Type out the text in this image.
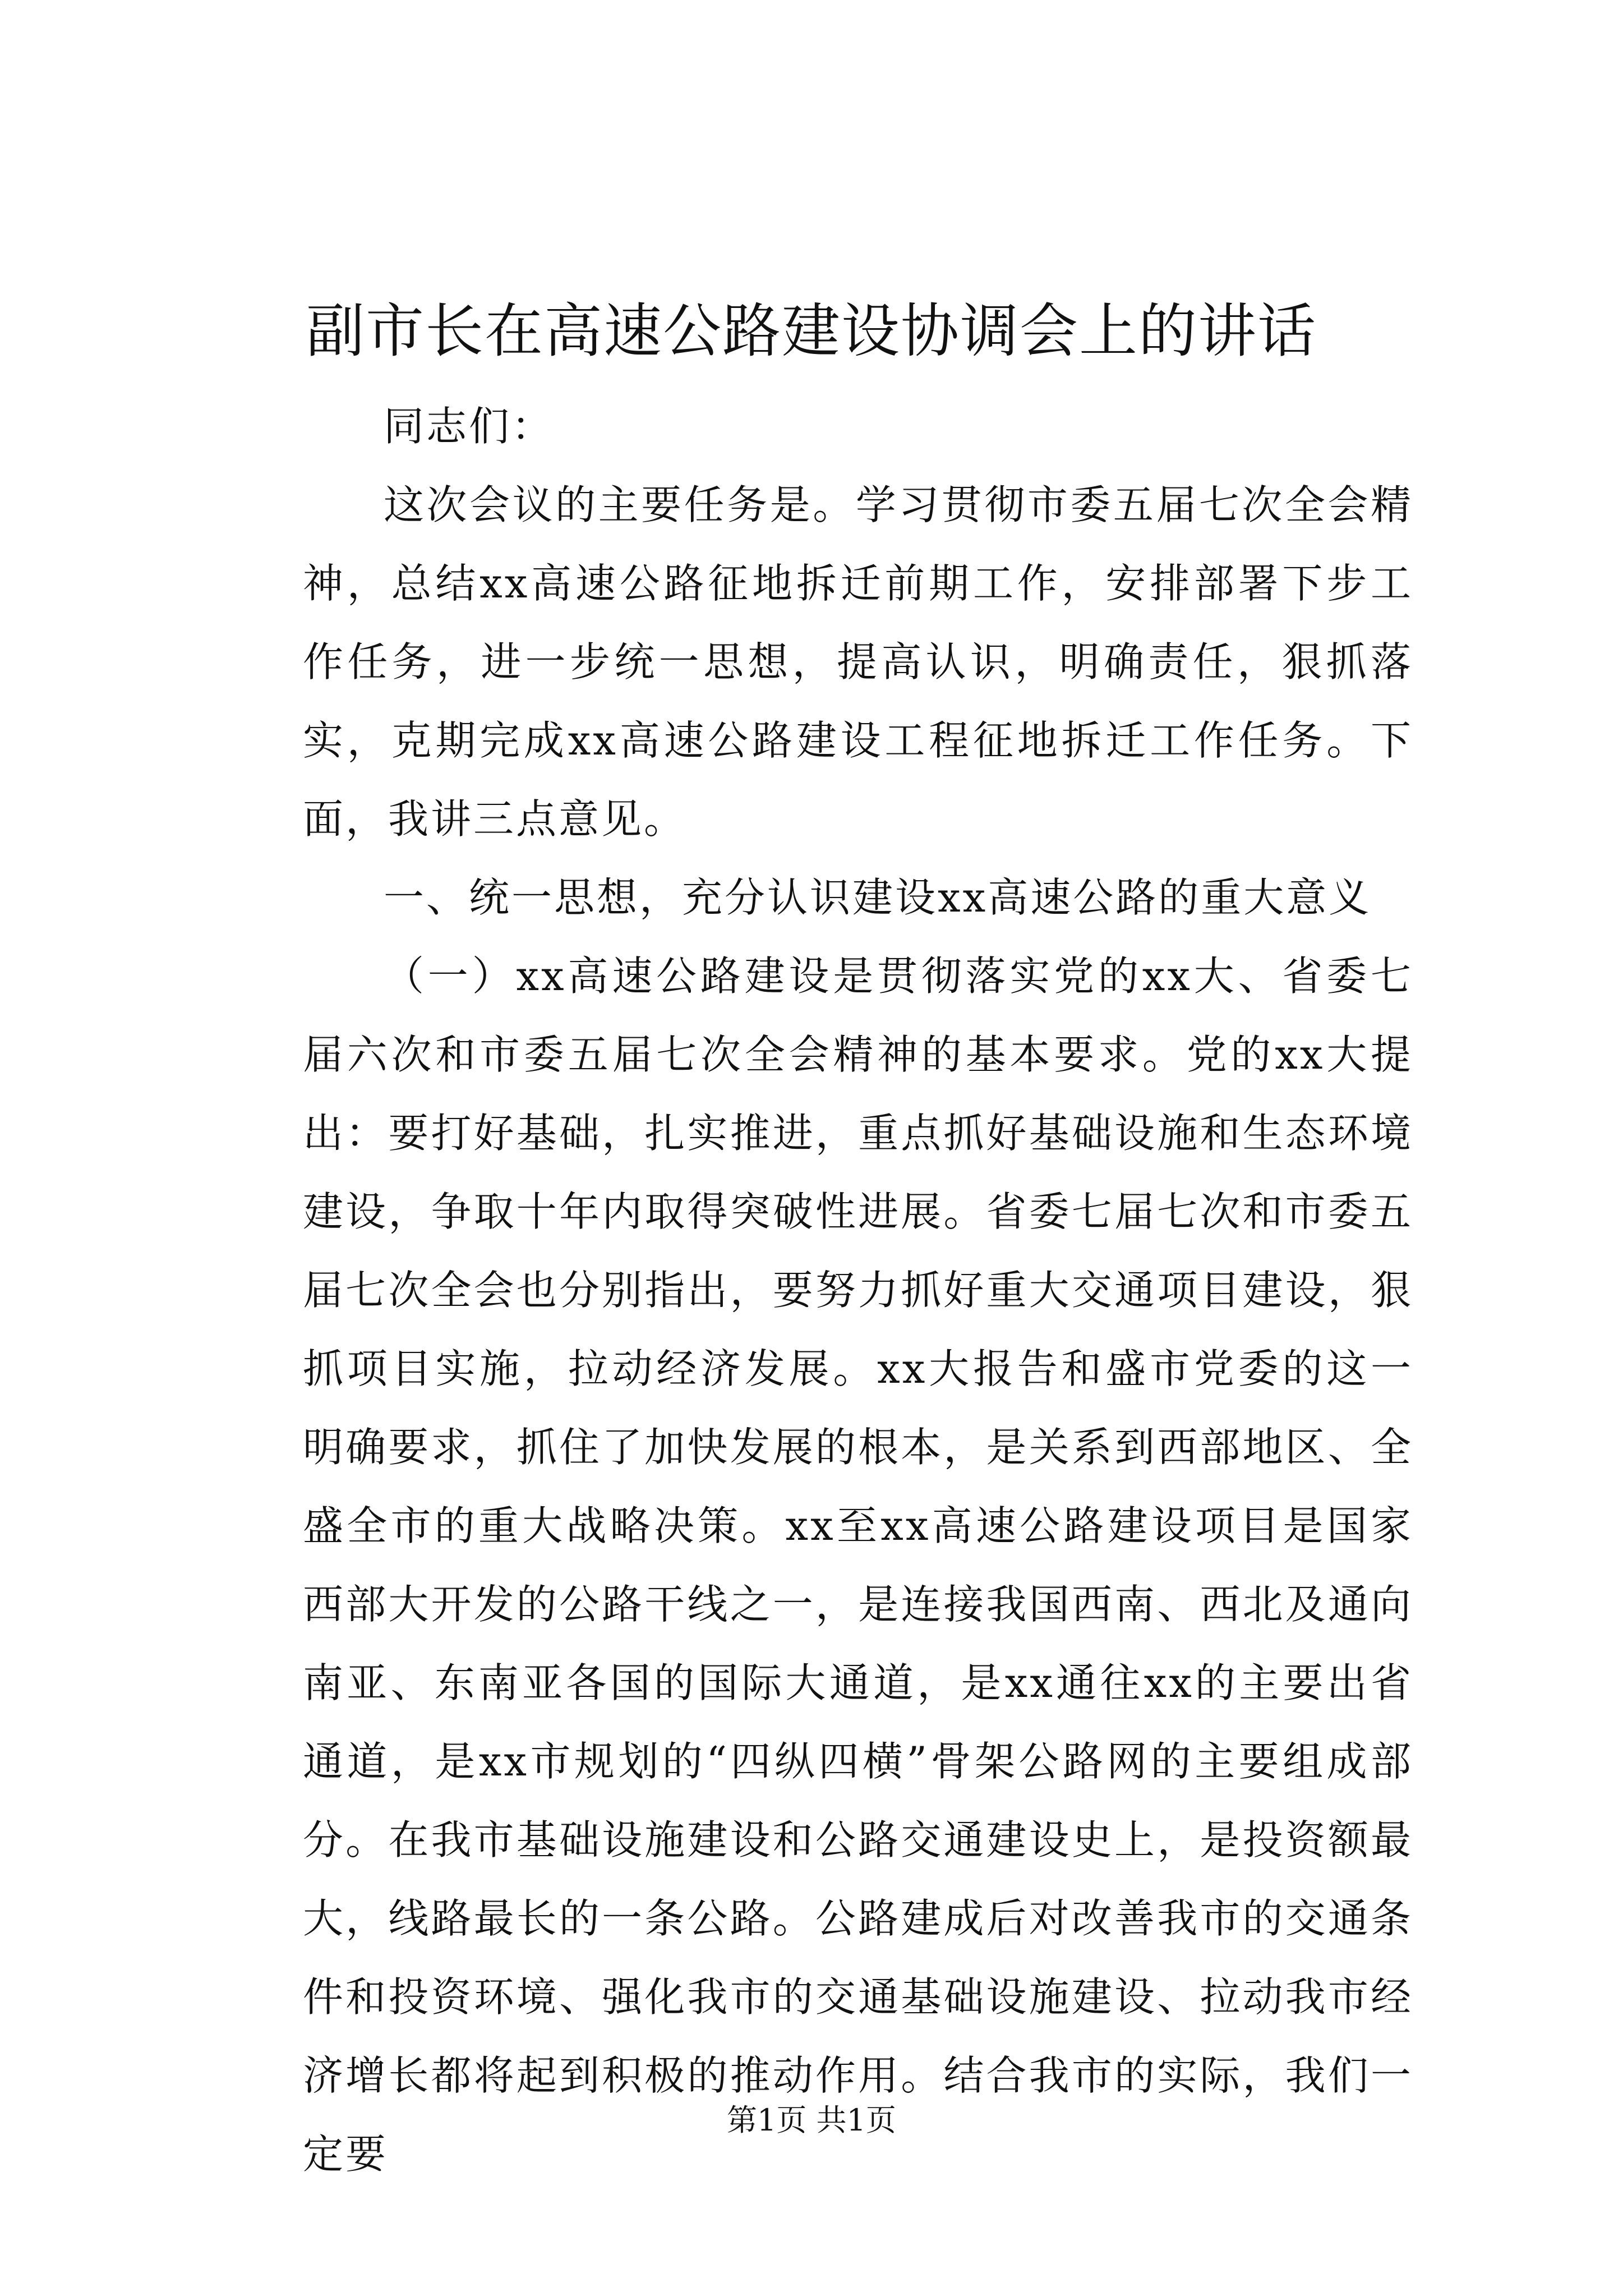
副市长在高速公路建设协调会上的讲话

同志们：

这次会议的主要任务是。学习贯彻市委五届七次全会精神，总结xx高速公路征地拆迁前期工作，安排部署下步工作任务，进一步统一思想，提高认识，明确责任，狠抓落实，克期完成xx高速公路建设工程征地拆迁工作任务。下面，我讲三点意见。

一、统一思想，充分认识建设xx高速公路的重大意义

（一）xx高速公路建设是贯彻落实党的xx大、省委七届六次和市委五届七次全会精神的基本要求。党的xx大提出：要打好基础，扎实推进，重点抓好基础设施和生态环境建设，争取十年内取得突破性进展。省委七届七次和市委五届七次全会也分别指出，要努力抓好重大交通项目建设，狠抓项目实施，拉动经济发展。xx大报告和盛市党委的这一明确要求，抓住了加快发展的根本，是关系到西部地区、全盛全市的重大战略决策。xx至xx高速公路建设项目是国家西部大开发的公路干线之一，是连接我国西南、西北及通向南亚、东南亚各国的国际大通道，是xx通往xx的主要出省通道，是xx市规划的“四纵四横”骨架公路网的主要组成部分。在我市基础设施建设和公路交通建设史上，是投资额最大，线路最长的一条公路。公路建成后对改善我市的交通条件和投资环境、强化我市的交通基础设施建设、拉动我市经济增长都将起到积极的推动作用。结合我市的实际，我们一定要

第1页 共1页
